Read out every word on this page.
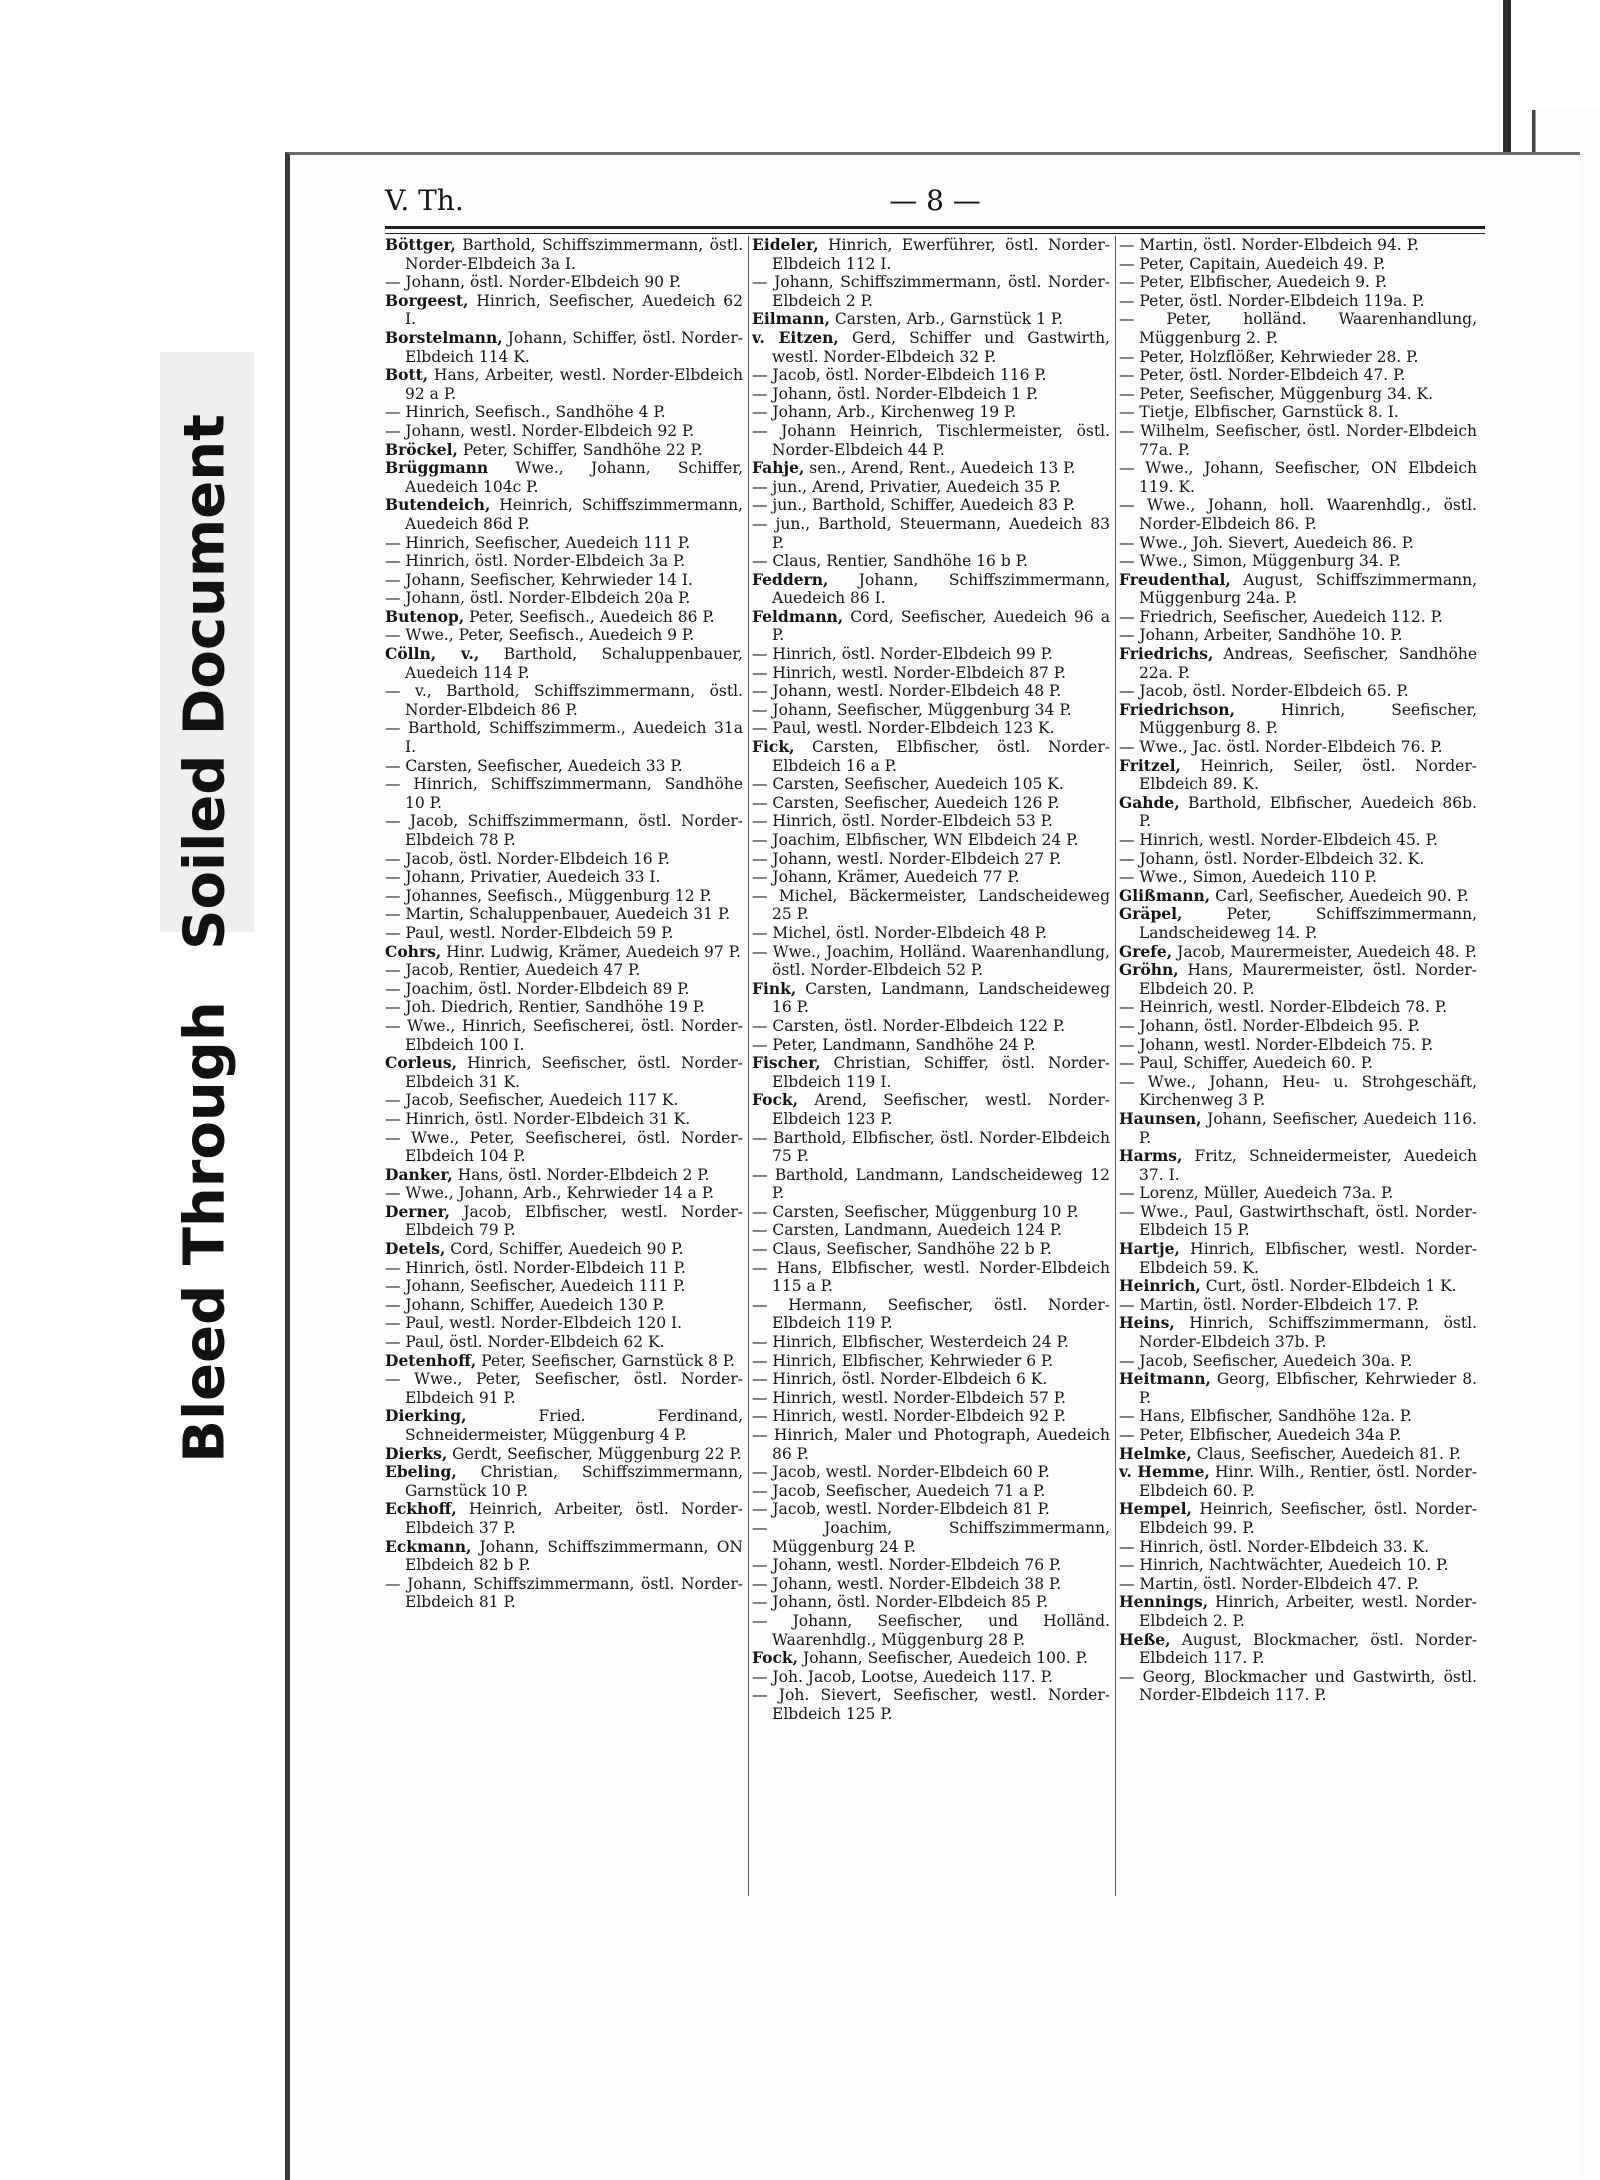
Soiled Document
Bleed Through
V. Th.	— 8 —
Böttger, Barthold, Schiffszimmermann, östl. Norder-Elbdeich 3a I.
— Johann, östl. Norder-Elbdeich 90 P.
Borgeest, Hinrich, Seefischer, Auedeich 62 I.
Borstelmann, Johann, Schiffer, östl. Norder-Elbdeich 114 K.
Bott, Hans, Arbeiter, westl. Norder-Elbdeich 92 a P.
— Hinrich, Seefisch., Sandhöhe 4 P.
— Johann, westl. Norder-Elbdeich 92 P.
Bröckel, Peter, Schiffer, Sandhöhe 22 P.
Brüggmann Wwe., Johann, Schiffer, Auedeich 104c P.
Butendeich, Heinrich, Schiffszimmermann, Auedeich 86d P.
— Hinrich, Seefischer, Auedeich 111 P.
— Hinrich, östl. Norder-Elbdeich 3a P.
— Johann, Seefischer, Kehrwieder 14 I.
— Johann, östl. Norder-Elbdeich 20a P.
Butenop, Peter, Seefisch., Auedeich 86 P.
— Wwe., Peter, Seefisch., Auedeich 9 P.
Cölln, v., Barthold, Schaluppenbauer, Auedeich 114 P.
— v., Barthold, Schiffszimmermann, östl. Norder-Elbdeich 86 P.
— Barthold, Schiffszimmerm., Auedeich 31a I.
— Carsten, Seefischer, Auedeich 33 P.
— Hinrich, Schiffszimmermann, Sandhöhe 10 P.
— Jacob, Schiffszimmermann, östl. Norder-Elbdeich 78 P.
— Jacob, östl. Norder-Elbdeich 16 P.
— Johann, Privatier, Auedeich 33 I.
— Johannes, Seefisch., Müggenburg 12 P.
— Martin, Schaluppenbauer, Auedeich 31 P.
— Paul, westl. Norder-Elbdeich 59 P.
Cohrs, Hinr. Ludwig, Krämer, Auedeich 97 P.
— Jacob, Rentier, Auedeich 47 P.
— Joachim, östl. Norder-Elbdeich 89 P.
— Joh. Diedrich, Rentier, Sandhöhe 19 P.
— Wwe., Hinrich, Seefischerei, östl. Norder-Elbdeich 100 I.
Corleus, Hinrich, Seefischer, östl. Norder-Elbdeich 31 K.
— Jacob, Seefischer, Auedeich 117 K.
— Hinrich, östl. Norder-Elbdeich 31 K.
— Wwe., Peter, Seefischerei, östl. Norder-Elbdeich 104 P.
Danker, Hans, östl. Norder-Elbdeich 2 P.
— Wwe., Johann, Arb., Kehrwieder 14 a P.
Derner, Jacob, Elbfischer, westl. Norder-Elbdeich 79 P.
Detels, Cord, Schiffer, Auedeich 90 P.
— Hinrich, östl. Norder-Elbdeich 11 P.
— Johann, Seefischer, Auedeich 111 P.
— Johann, Schiffer, Auedeich 130 P.
— Paul, westl. Norder-Elbdeich 120 I.
— Paul, östl. Norder-Elbdeich 62 K.
Detenhoff, Peter, Seefischer, Garnstück 8 P.
— Wwe., Peter, Seefischer, östl. Norder-Elbdeich 91 P.
Dierking, Fried. Ferdinand, Schneidermeister, Müggenburg 4 P.
Dierks, Gerdt, Seefischer, Müggenburg 22 P.
Ebeling, Christian, Schiffszimmermann, Garnstück 10 P.
Eckhoff, Heinrich, Arbeiter, östl. Norder-Elbdeich 37 P.
Eckmann, Johann, Schiffszimmermann, ON Elbdeich 82 b P.
— Johann, Schiffszimmermann, östl. Norder-Elbdeich 81 P.
Eideler, Hinrich, Ewerführer, östl. Norder-Elbdeich 112 I.
— Johann, Schiffszimmermann, östl. Norder-Elbdeich 2 P.
Eilmann, Carsten, Arb., Garnstück 1 P.
v. Eitzen, Gerd, Schiffer und Gastwirth, westl. Norder-Elbdeich 32 P.
— Jacob, östl. Norder-Elbdeich 116 P.
— Johann, östl. Norder-Elbdeich 1 P.
— Johann, Arb., Kirchenweg 19 P.
— Johann Heinrich, Tischlermeister, östl. Norder-Elbdeich 44 P.
Fahje, sen., Arend, Rent., Auedeich 13 P.
— jun., Arend, Privatier, Auedeich 35 P.
— jun., Barthold, Schiffer, Auedeich 83 P.
— jun., Barthold, Steuermann, Auedeich 83 P.
— Claus, Rentier, Sandhöhe 16 b P.
Feddern, Johann, Schiffszimmermann, Auedeich 86 I.
Feldmann, Cord, Seefischer, Auedeich 96 a P.
— Hinrich, östl. Norder-Elbdeich 99 P.
— Hinrich, westl. Norder-Elbdeich 87 P.
— Johann, westl. Norder-Elbdeich 48 P.
— Johann, Seefischer, Müggenburg 34 P.
— Paul, westl. Norder-Elbdeich 123 K.
Fick, Carsten, Elbfischer, östl. Norder-Elbdeich 16 a P.
— Carsten, Seefischer, Auedeich 105 K.
— Carsten, Seefischer, Auedeich 126 P.
— Hinrich, östl. Norder-Elbdeich 53 P.
— Joachim, Elbfischer, WN Elbdeich 24 P.
— Johann, westl. Norder-Elbdeich 27 P.
— Johann, Krämer, Auedeich 77 P.
— Michel, Bäckermeister, Landscheideweg 25 P.
— Michel, östl. Norder-Elbdeich 48 P.
— Wwe., Joachim, Holländ. Waarenhandlung, östl. Norder-Elbdeich 52 P.
Fink, Carsten, Landmann, Landscheideweg 16 P.
— Carsten, östl. Norder-Elbdeich 122 P.
— Peter, Landmann, Sandhöhe 24 P.
Fischer, Christian, Schiffer, östl. Norder-Elbdeich 119 I.
Fock, Arend, Seefischer, westl. Norder-Elbdeich 123 P.
— Barthold, Elbfischer, östl. Norder-Elbdeich 75 P.
— Barthold, Landmann, Landscheideweg 12 P.
— Carsten, Seefischer, Müggenburg 10 P.
— Carsten, Landmann, Auedeich 124 P.
— Claus, Seefischer, Sandhöhe 22 b P.
— Hans, Elbfischer, westl. Norder-Elbdeich 115 a P.
— Hermann, Seefischer, östl. Norder-Elbdeich 119 P.
— Hinrich, Elbfischer, Westerdeich 24 P.
— Hinrich, Elbfischer, Kehrwieder 6 P.
— Hinrich, östl. Norder-Elbdeich 6 K.
— Hinrich, westl. Norder-Elbdeich 57 P.
— Hinrich, westl. Norder-Elbdeich 92 P.
— Hinrich, Maler und Photograph, Auedeich 86 P.
— Jacob, westl. Norder-Elbdeich 60 P.
— Jacob, Seefischer, Auedeich 71 a P.
— Jacob, westl. Norder-Elbdeich 81 P.
— Joachim, Schiffszimmermann, Müggenburg 24 P.
— Johann, westl. Norder-Elbdeich 76 P.
— Johann, westl. Norder-Elbdeich 38 P.
— Johann, östl. Norder-Elbdeich 85 P.
— Johann, Seefischer, und Holländ. Waarenhdlg., Müggenburg 28 P.
Fock, Johann, Seefischer, Auedeich 100. P.
— Joh. Jacob, Lootse, Auedeich 117. P.
— Joh. Sievert, Seefischer, westl. Norder-Elbdeich 125 P.
— Martin, östl. Norder-Elbdeich 94. P.
— Peter, Capitain, Auedeich 49. P.
— Peter, Elbfischer, Auedeich 9. P.
— Peter, östl. Norder-Elbdeich 119a. P.
— Peter, holländ. Waarenhandlung, Müggenburg 2. P.
— Peter, Holzflößer, Kehrwieder 28. P.
— Peter, östl. Norder-Elbdeich 47. P.
— Peter, Seefischer, Müggenburg 34. K.
— Tietje, Elbfischer, Garnstück 8. I.
— Wilhelm, Seefischer, östl. Norder-Elbdeich 77a. P.
— Wwe., Johann, Seefischer, ON Elbdeich 119. K.
— Wwe., Johann, holl. Waarenhdlg., östl. Norder-Elbdeich 86. P.
— Wwe., Joh. Sievert, Auedeich 86. P.
— Wwe., Simon, Müggenburg 34. P.
Freudenthal, August, Schiffszimmermann, Müggenburg 24a. P.
— Friedrich, Seefischer, Auedeich 112. P.
— Johann, Arbeiter, Sandhöhe 10. P.
Friedrichs, Andreas, Seefischer, Sandhöhe 22a. P.
— Jacob, östl. Norder-Elbdeich 65. P.
Friedrichson, Hinrich, Seefischer, Müggenburg 8. P.
— Wwe., Jac. östl. Norder-Elbdeich 76. P.
Fritzel, Heinrich, Seiler, östl. Norder-Elbdeich 89. K.
Gahde, Barthold, Elbfischer, Auedeich 86b. P.
— Hinrich, westl. Norder-Elbdeich 45. P.
— Johann, östl. Norder-Elbdeich 32. K.
— Wwe., Simon, Auedeich 110 P.
Glißmann, Carl, Seefischer, Auedeich 90. P.
Gräpel, Peter, Schiffszimmermann, Landscheideweg 14. P.
Grefe, Jacob, Maurermeister, Auedeich 48. P.
Gröhn, Hans, Maurermeister, östl. Norder-Elbdeich 20. P.
— Heinrich, westl. Norder-Elbdeich 78. P.
— Johann, östl. Norder-Elbdeich 95. P.
— Johann, westl. Norder-Elbdeich 75. P.
— Paul, Schiffer, Auedeich 60. P.
— Wwe., Johann, Heu- u. Strohgeschäft, Kirchenweg 3 P.
Haunsen, Johann, Seefischer, Auedeich 116. P.
Harms, Fritz, Schneidermeister, Auedeich 37. I.
— Lorenz, Müller, Auedeich 73a. P.
— Wwe., Paul, Gastwirthschaft, östl. Norder-Elbdeich 15 P.
Hartje, Hinrich, Elbfischer, westl. Norder-Elbdeich 59. K.
Heinrich, Curt, östl. Norder-Elbdeich 1 K.
— Martin, östl. Norder-Elbdeich 17. P.
Heins, Hinrich, Schiffszimmermann, östl. Norder-Elbdeich 37b. P.
— Jacob, Seefischer, Auedeich 30a. P.
Heitmann, Georg, Elbfischer, Kehrwieder 8. P.
— Hans, Elbfischer, Sandhöhe 12a. P.
— Peter, Elbfischer, Auedeich 34a P.
Helmke, Claus, Seefischer, Auedeich 81. P.
v. Hemme, Hinr. Wilh., Rentier, östl. Norder-Elbdeich 60. P.
Hempel, Heinrich, Seefischer, östl. Norder-Elbdeich 99. P.
— Hinrich, östl. Norder-Elbdeich 33. K.
— Hinrich, Nachtwächter, Auedeich 10. P.
— Martin, östl. Norder-Elbdeich 47. P.
Hennings, Hinrich, Arbeiter, westl. Norder-Elbdeich 2. P.
Heße, August, Blockmacher, östl. Norder-Elbdeich 117. P.
— Georg, Blockmacher und Gastwirth, östl. Norder-Elbdeich 117. P.
